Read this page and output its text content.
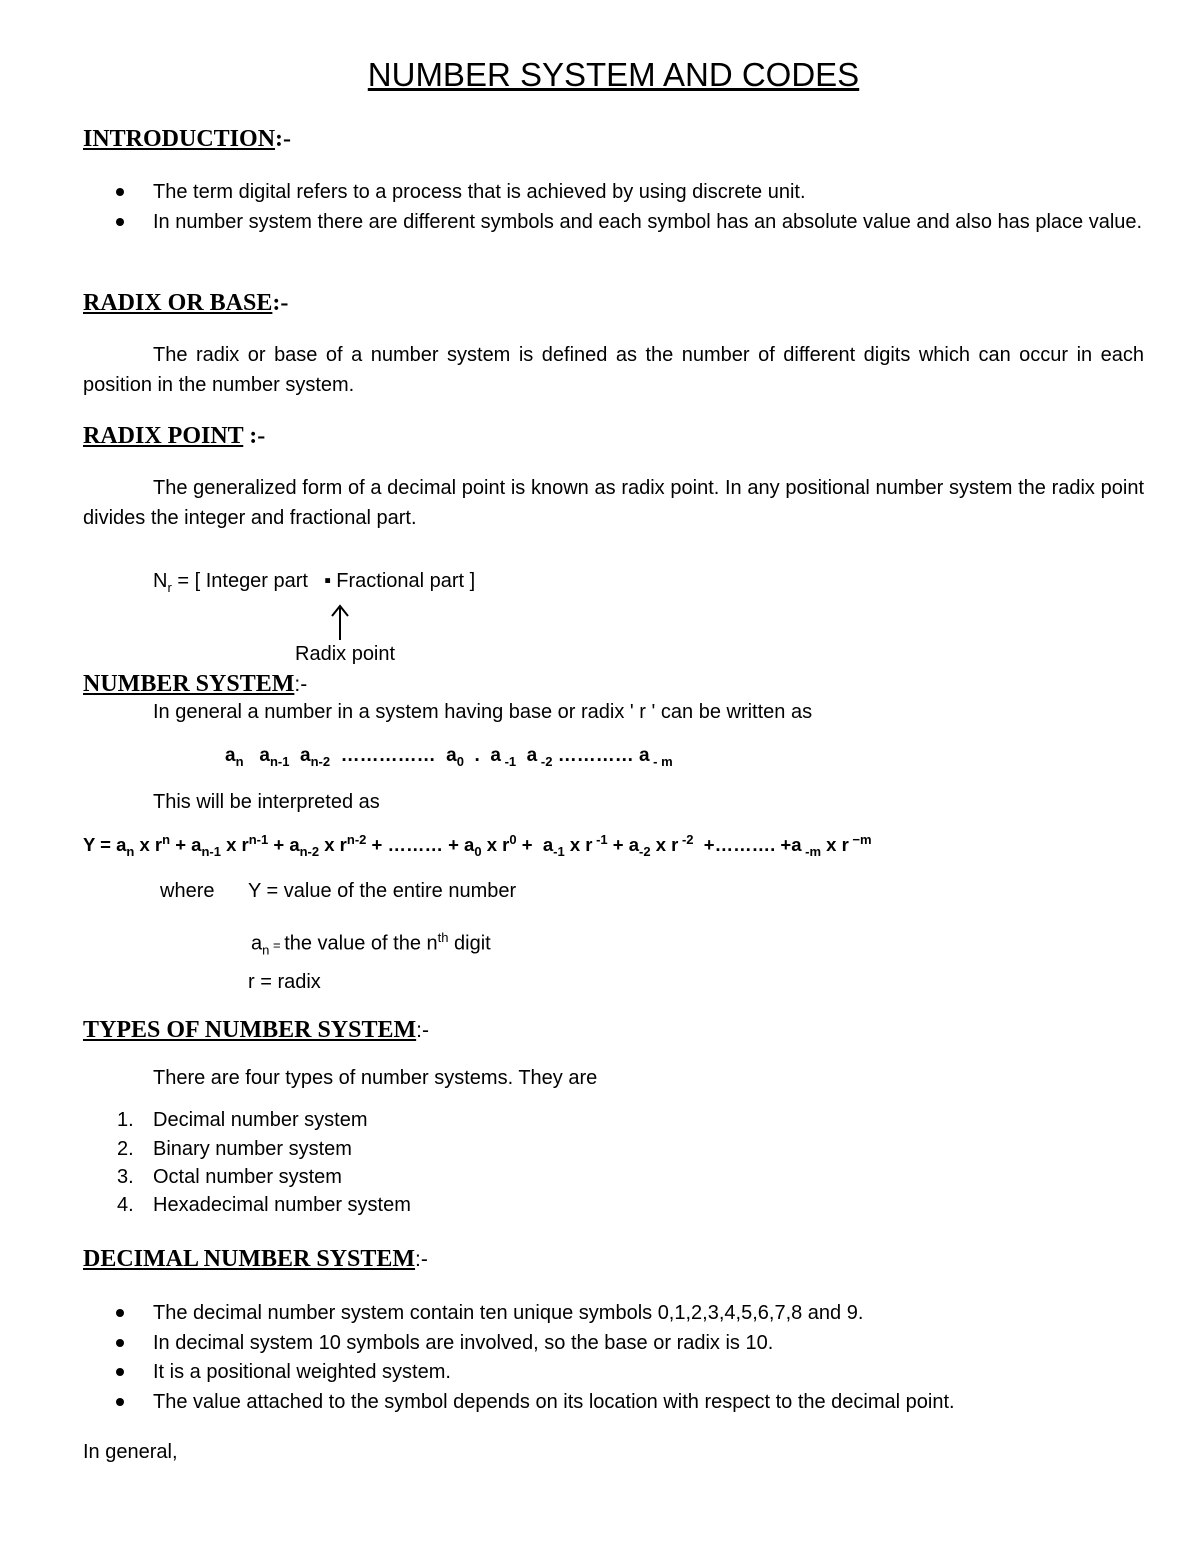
NUMBER SYSTEM AND CODES
INTRODUCTION:-
The term digital refers to a process that is achieved by using discrete unit.
In number system there are different symbols and each symbol has an absolute value and also has place value.
RADIX OR BASE:-
The radix or base of a number system is defined as the number of different digits which can occur in each position in the number system.
RADIX POINT :-
The generalized form of a decimal point is known as radix point. In any positional number system the radix point divides the integer and fractional part.
$N_r$ = [ Integer part ■ Fractional part ]
Radix point
NUMBER SYSTEM:-
In general a number in a system having base or radix ' r ' can be written as
$a_n$   $a_{n-1}$  $a_{n-2}$  ……………  $a_0$  .  a $_{-1}$  a $_{-2}$ ………… a $_{- m}$
This will be interpreted as
$Y = a_n$ x $r^n + a_{n-1}$ x $r^{n-1} + a_{n-2}$ x $r^{n-2}$ + ……… + $a_0$ x $r^0 + a_{-1}$ x r $^{-1} + a_{-2}$ x r $^{-2}$  +………. +a $_{-m}$ x r $^{-m}$
where Y = value of the entire number
$a_n$ = the value of the $n^{th}$ digit
r = radix
TYPES OF NUMBER SYSTEM:-
There are four types of number systems. They are
1. Decimal number system
2. Binary number system
3. Octal number system
4. Hexadecimal number system
DECIMAL NUMBER SYSTEM:-
The decimal number system contain ten unique symbols 0,1,2,3,4,5,6,7,8 and 9.
In decimal system 10 symbols are involved, so the base or radix is 10.
It is a positional weighted system.
The value attached to the symbol depends on its location with respect to the decimal point.
In general,
